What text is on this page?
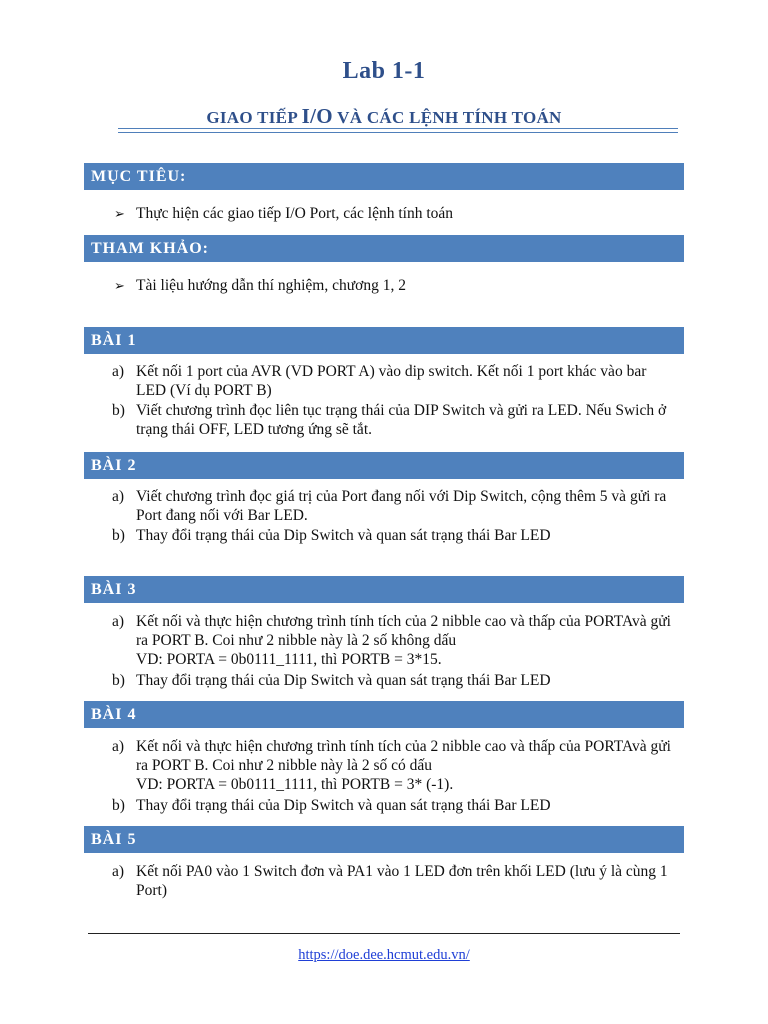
Lab 1-1
GIAO TIẾP I/O VÀ CÁC LỆNH TÍNH TOÁN
MỤC TIÊU:
➢ Thực hiện các giao tiếp I/O Port, các lệnh tính toán
THAM KHẢO:
➢ Tài liệu hướng dẫn thí nghiệm, chương 1, 2
BÀI 1
a) Kết nối 1 port của AVR (VD PORT A) vào dip switch. Kết nối 1 port khác vào bar LED (Ví dụ PORT B)
b) Viết chương trình đọc liên tục trạng thái của DIP Switch và gửi ra LED. Nếu Swich ở trạng thái OFF, LED tương ứng sẽ tắt.
BÀI 2
a) Viết chương trình đọc giá trị của Port đang nối với Dip Switch, cộng thêm 5 và gửi ra Port đang nối với Bar LED.
b) Thay đổi trạng thái của Dip Switch và quan sát trạng thái Bar LED
BÀI 3
a) Kết nối và thực hiện chương trình tính tích của 2 nibble cao và thấp của PORTAvà gửi ra PORT B. Coi như 2 nibble này là 2 số không dấu
VD: PORTA = 0b0111_1111, thì PORTB = 3*15.
b) Thay đổi trạng thái của Dip Switch và quan sát trạng thái Bar LED
BÀI 4
a) Kết nối và thực hiện chương trình tính tích của 2 nibble cao và thấp của PORTAvà gửi ra PORT B. Coi như 2 nibble này là 2 số có dấu
VD: PORTA = 0b0111_1111, thì PORTB = 3* (-1).
b) Thay đổi trạng thái của Dip Switch và quan sát trạng thái Bar LED
BÀI 5
a) Kết nối PA0 vào 1 Switch đơn và PA1 vào 1 LED đơn trên khối LED (lưu ý là cùng 1 Port)
https://doe.dee.hcmut.edu.vn/
